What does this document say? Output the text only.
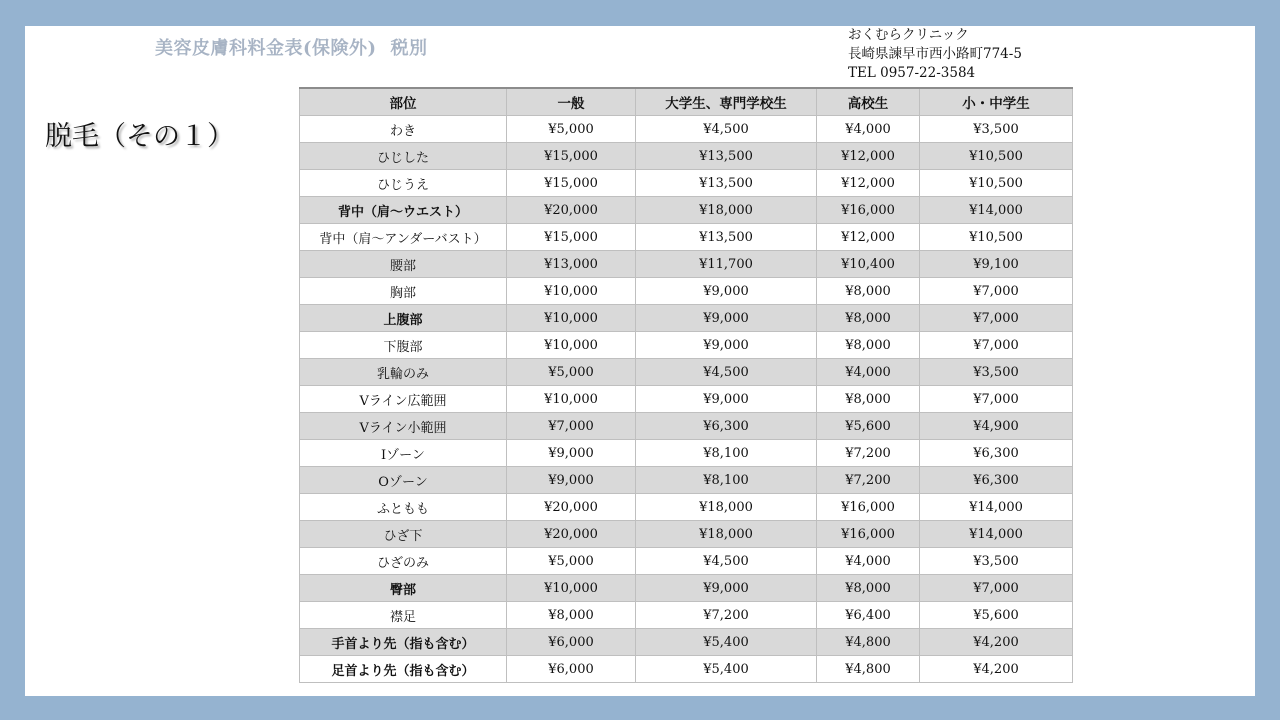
美容皮膚科料金表(保険外) 税別
おくむらクリニック
長崎県諫早市西小路町774-5
TEL 0957-22-3584
脱毛（その１）
部位	一般	大学生、専門学校生	高校生	小・中学生
わき	¥5,000	¥4,500	¥4,000	¥3,500
ひじした	¥15,000	¥13,500	¥12,000	¥10,500
ひじうえ	¥15,000	¥13,500	¥12,000	¥10,500
背中（肩～ウエスト）	¥20,000	¥18,000	¥16,000	¥14,000
背中（肩～アンダーバスト）	¥15,000	¥13,500	¥12,000	¥10,500
腰部	¥13,000	¥11,700	¥10,400	¥9,100
胸部	¥10,000	¥9,000	¥8,000	¥7,000
上腹部	¥10,000	¥9,000	¥8,000	¥7,000
下腹部	¥10,000	¥9,000	¥8,000	¥7,000
乳輪のみ	¥5,000	¥4,500	¥4,000	¥3,500
Vライン広範囲	¥10,000	¥9,000	¥8,000	¥7,000
Vライン小範囲	¥7,000	¥6,300	¥5,600	¥4,900
Iゾーン	¥9,000	¥8,100	¥7,200	¥6,300
Oゾーン	¥9,000	¥8,100	¥7,200	¥6,300
ふともも	¥20,000	¥18,000	¥16,000	¥14,000
ひざ下	¥20,000	¥18,000	¥16,000	¥14,000
ひざのみ	¥5,000	¥4,500	¥4,000	¥3,500
臀部	¥10,000	¥9,000	¥8,000	¥7,000
襟足	¥8,000	¥7,200	¥6,400	¥5,600
手首より先（指も含む）	¥6,000	¥5,400	¥4,800	¥4,200
足首より先（指も含む）	¥6,000	¥5,400	¥4,800	¥4,200
